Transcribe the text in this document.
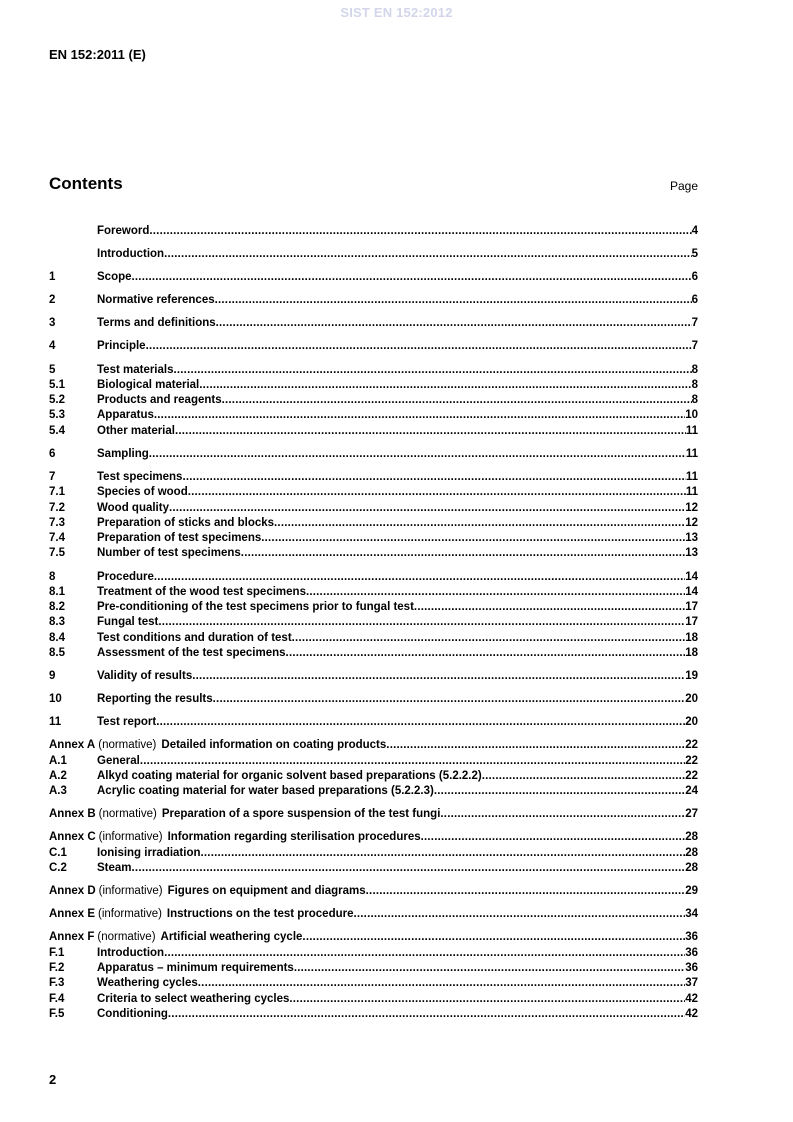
SIST EN 152:2012
EN 152:2011 (E)
Contents	Page
Foreword .....	4
Introduction .....	5
1	Scope .....	6
2	Normative references .....	6
3	Terms and definitions .....	7
4	Principle .....	7
5	Test materials .....	8
5.1	Biological material .....	8
5.2	Products and reagents .....	8
5.3	Apparatus .....	10
5.4	Other material .....	11
6	Sampling .....	11
7	Test specimens .....	11
7.1	Species of wood .....	11
7.2	Wood quality .....	12
7.3	Preparation of sticks and blocks .....	12
7.4	Preparation of test specimens .....	13
7.5	Number of test specimens .....	13
8	Procedure .....	14
8.1	Treatment of the wood test specimens .....	14
8.2	Pre-conditioning of the test specimens prior to fungal test .....	17
8.3	Fungal test .....	17
8.4	Test conditions and duration of test .....	18
8.5	Assessment of the test specimens .....	18
9	Validity of results .....	19
10	Reporting the results .....	20
11	Test report .....	20
Annex A (normative) Detailed information on coating products .....	22
A.1	General .....	22
A.2	Alkyd coating material for organic solvent based preparations (5.2.2.2) .....	22
A.3	Acrylic coating material for water based preparations (5.2.2.3) .....	24
Annex B (normative) Preparation of a spore suspension of the test fungi .....	27
Annex C (informative) Information regarding sterilisation procedures .....	28
C.1	Ionising irradiation .....	28
C.2	Steam .....	28
Annex D (informative) Figures on equipment and diagrams .....	29
Annex E (informative) Instructions on the test procedure .....	34
Annex F (normative) Artificial weathering cycle .....	36
F.1	Introduction .....	36
F.2	Apparatus – minimum requirements .....	36
F.3	Weathering cycles .....	37
F.4	Criteria to select weathering cycles .....	42
F.5	Conditioning .....	42
2
